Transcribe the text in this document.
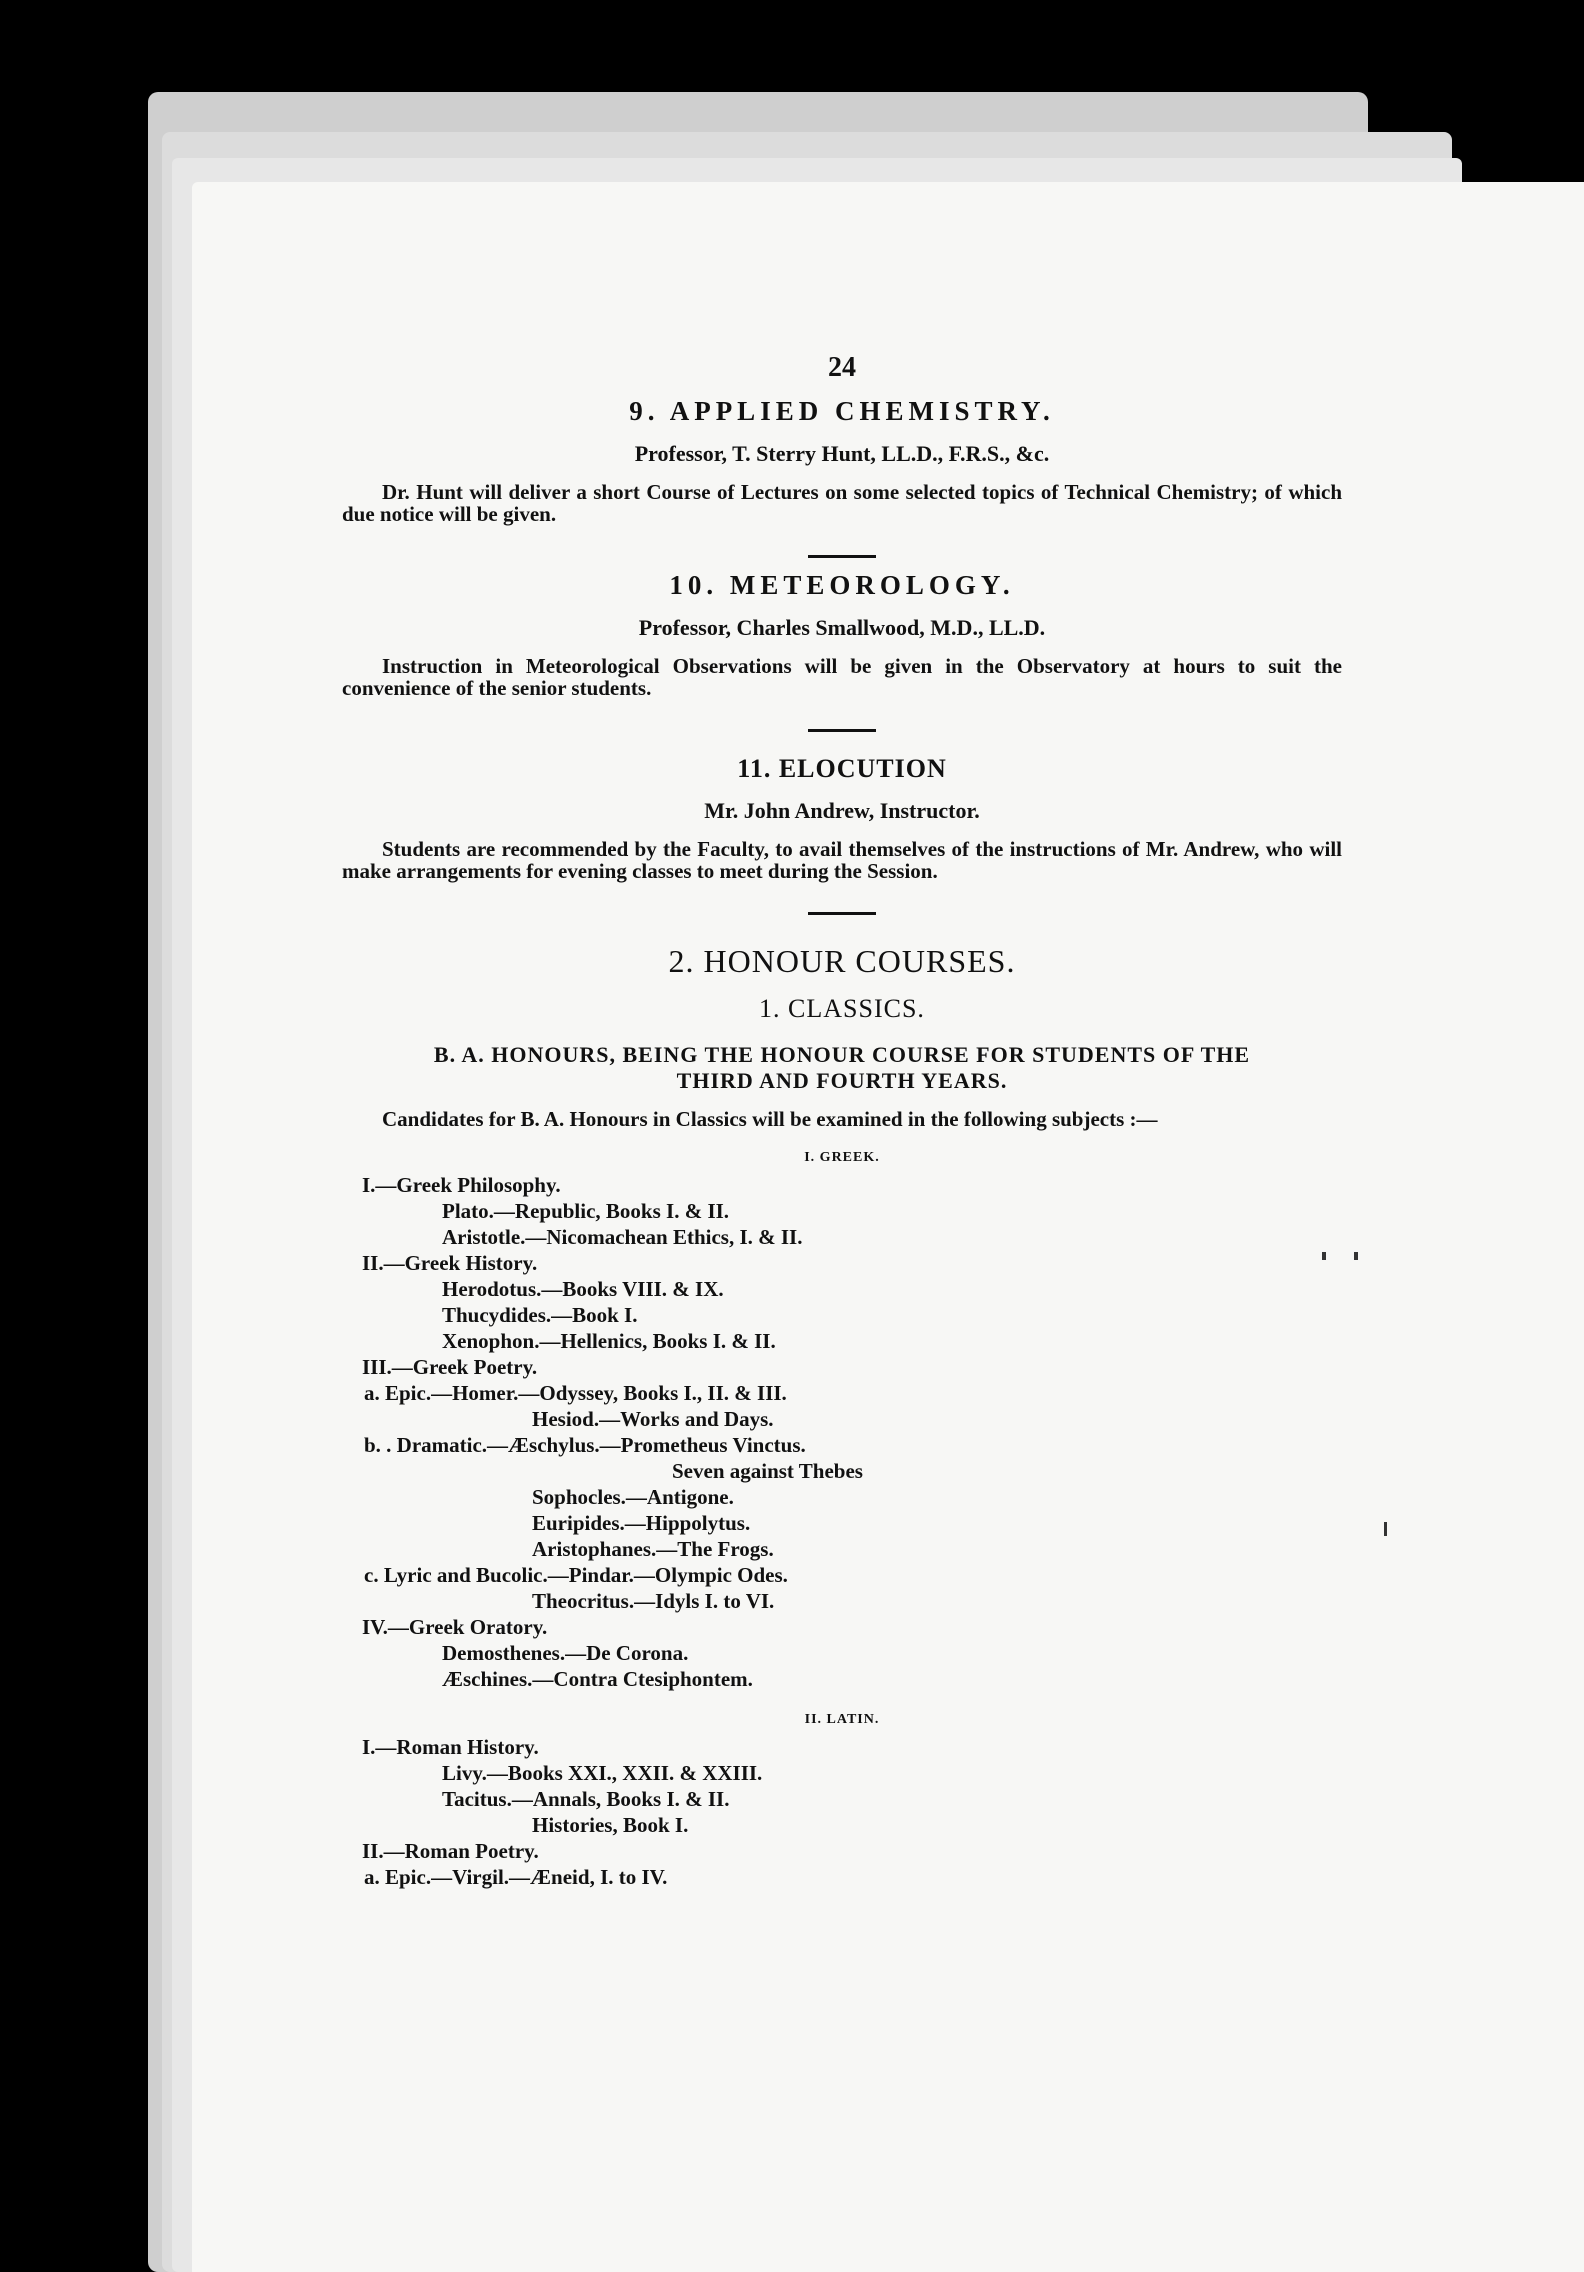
24

9. APPLIED CHEMISTRY.

Professor, T. Sterry Hunt, LL.D., F.R.S., &c.

Dr. Hunt will deliver a short Course of Lectures on some selected topics of Technical Chemistry; of which due notice will be given.

10. METEOROLOGY.

Professor, Charles Smallwood, M.D., LL.D.

Instruction in Meteorological Observations will be given in the Observatory at hours to suit the convenience of the senior students.

11. ELOCUTION

Mr. John Andrew, Instructor.

Students are recommended by the Faculty, to avail themselves of the instructions of Mr. Andrew, who will make arrangements for evening classes to meet during the Session.

2. HONOUR COURSES.

1. CLASSICS.

B. A. HONOURS, BEING THE HONOUR COURSE FOR STUDENTS OF THE
THIRD AND FOURTH YEARS.

Candidates for B. A. Honours in Classics will be examined in the following subjects :—

I. GREEK.

I.—Greek Philosophy.

Plato.—Republic, Books I. & II.

Aristotle.—Nicomachean Ethics, I. & II.

II.—Greek History.

Herodotus.—Books VIII. & IX.

Thucydides.—Book I.

Xenophon.—Hellenics, Books I. & II.

III.—Greek Poetry.

a. Epic.—Homer.—Odyssey, Books I., II. & III.

Hesiod.—Works and Days.

b. . Dramatic.—Æschylus.—Prometheus Vinctus.

Seven against Thebes

Sophocles.—Antigone.

Euripides.—Hippolytus.

Aristophanes.—The Frogs.

c. Lyric and Bucolic.—Pindar.—Olympic Odes.

Theocritus.—Idyls I. to VI.

IV.—Greek Oratory.

Demosthenes.—De Corona.

Æschines.—Contra Ctesiphontem.

II. LATIN.

I.—Roman History.

Livy.—Books XXI., XXII. & XXIII.

Tacitus.—Annals, Books I. & II.

Histories, Book I.

II.—Roman Poetry.

a. Epic.—Virgil.—Æneid, I. to IV.
